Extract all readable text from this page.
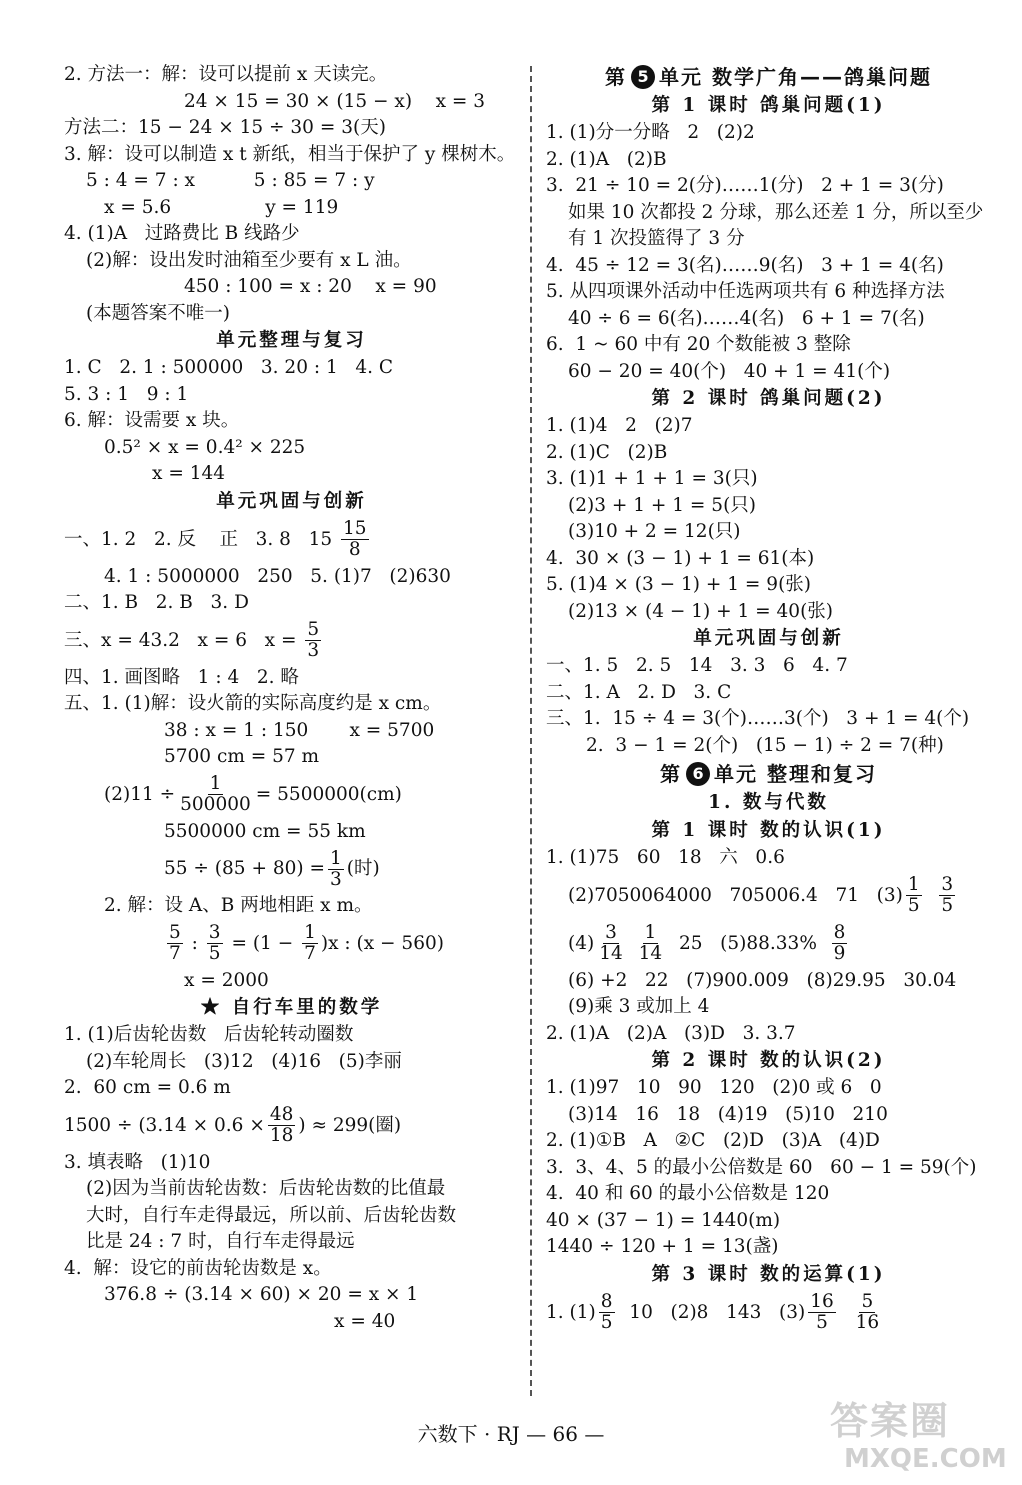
2. 方法一：解：设可以提前 x 天读完。
24 × 15 = 30 × (15 − x)    x = 3
方法二：15 − 24 × 15 ÷ 30 = 3(天)
3. 解：设可以制造 x t 新纸，相当于保护了 y 棵树木。
5 : 4 = 7 : x          5 : 85 = 7 : y
x = 5.6                y = 119
4. (1)A   过路费比 B 线路少
(2)解：设出发时油箱至少要有 x L 油。
450 : 100 = x : 20    x = 90
(本题答案不唯一)
单元整理与复习
1. C   2. 1 : 500000   3. 20 : 1   4. C
5. 3 : 1   9 : 1
6. 解：设需要 x 块。
0.5² × x = 0.4² × 225
x = 144
单元巩固与创新
一、1. 2   2. 反    正   3. 8   $15 \frac{15}{8}$
4. 1 : 5000000   250   5. (1)7   (2)630
二、1. B   2. B   3. D
三、x = 43.2   x = 6   $x = \frac{5}{3}$
四、1. 画图略   1 : 4   2. 略
五、1. (1)解：设火箭的实际高度约是 x cm。
38 : x = 1 : 150       x = 5700
5700 cm = 57 m
$(2)11 \div \frac{1}{500000} = 5500000(cm)$
5500000 cm = 55 km
$55 \div (85 + 80) = \frac{1}{3}$ (时)
2. 解：设 A、B 两地相距 x m。
$\frac{5}{7}$ : $\frac{3}{5} = (1 - \frac{1}{7} )x$ : (x − 560)
x = 2000
★ 自行车里的数学
1. (1)后齿轮齿数   后齿轮转动圈数
(2)车轮周长   (3)12   (4)16   (5)李丽
2.  60 cm = 0.6 m
$1500 \div (3.14 \times 0.6 \times \frac{48}{18}$ ) ≈ 299(圈)
3. 填表略   (1)10
(2)因为当前齿轮齿数：后齿轮齿数的比值最
大时，自行车走得最远，所以前、后齿轮齿数
比是 24 : 7 时，自行车走得最远
4.  解：设它的前齿轮齿数是 x。
376.8 ÷ (3.14 × 60) × 20 = x × 1
x = 40
第 5 单元 数学广角——鸽巢问题
第 1 课时 鸽巢问题(1)
1. (1)分一分略   2   (2)2
2. (1)A   (2)B
3.  21 ÷ 10 = 2(分)……1(分)   2 + 1 = 3(分)
如果 10 次都投 2 分球，那么还差 1 分，所以至少
有 1 次投篮得了 3 分
4.  45 ÷ 12 = 3(名)……9(名)   3 + 1 = 4(名)
5. 从四项课外活动中任选两项共有 6 种选择方法
40 ÷ 6 = 6(名)……4(名)   6 + 1 = 7(名)
6.  1 ~ 60 中有 20 个数能被 3 整除
60 − 20 = 40(个)   40 + 1 = 41(个)
第 2 课时 鸽巢问题(2)
1. (1)4   2   (2)7
2. (1)C   (2)B
3. (1)1 + 1 + 1 = 3(只)
(2)3 + 1 + 1 = 5(只)
(3)10 + 2 = 12(只)
4.  30 × (3 − 1) + 1 = 61(本)
5. (1)4 × (3 − 1) + 1 = 9(张)
(2)13 × (4 − 1) + 1 = 40(张)
单元巩固与创新
一、1. 5   2. 5   14   3. 3   6   4. 7
二、1. A   2. D   3. C
三、1.  15 ÷ 4 = 3(个)……3(个)   3 + 1 = 4(个)
2.  3 − 1 = 2(个)   (15 − 1) ÷ 2 = 7(种)
第 6 单元 整理和复习
1. 数与代数
第 1 课时 数的认识(1)
1. (1)75   60   18   六   0.6
(2)7050064000   705006.4   71   $(3) \frac{1}{5}$
$\frac{3}{5}$
$(4) \frac{3}{14}$
$\frac{1}{14} 25$   $(5)88.33\% \frac{8}{9}$
(6) +2   22   (7)900.009   (8)29.95   30.04
(9)乘 3 或加上 4
2. (1)A   (2)A   (3)D   3. 3.7
第 2 课时 数的认识(2)
1. (1)97   10   90   120   (2)0 或 6   0
(3)14   16   18   (4)19   (5)10   210
2. (1)①B   A   ②C   (2)D   (3)A   (4)D
3.  3、4、5 的最小公倍数是 60   60 − 1 = 59(个)
4.  40 和 60 的最小公倍数是 120
40 × (37 − 1) = 1440(m)
1440 ÷ 120 + 1 = 13(盏)
第 3 课时 数的运算(1)
1. $(1) \frac{8}{5} 10$   (2)8   143   $(3) \frac{16}{5}$
$\frac{5}{16}$
六数下 · RJ — 66 —	答案圈
MXQE.COM
